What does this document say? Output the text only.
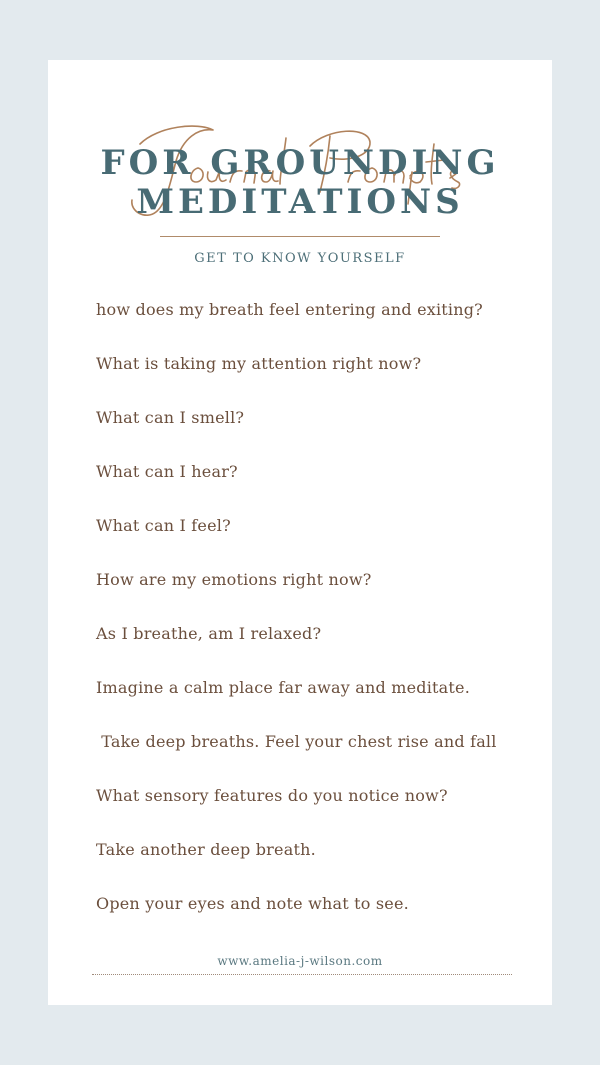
FOR GROUNDING
MEDITATIONS
GET TO KNOW YOURSELF
how does my breath feel entering and exiting?
What is taking my attention right now?
What can I smell?
What can I hear?
What can I feel?
How are my emotions right now?
As I breathe, am I relaxed?
Imagine a calm place far away and meditate.
Take deep breaths. Feel your chest rise and fall
What sensory features do you notice now?
Take another deep breath.
Open your eyes and note what to see.
www.amelia-j-wilson.com
